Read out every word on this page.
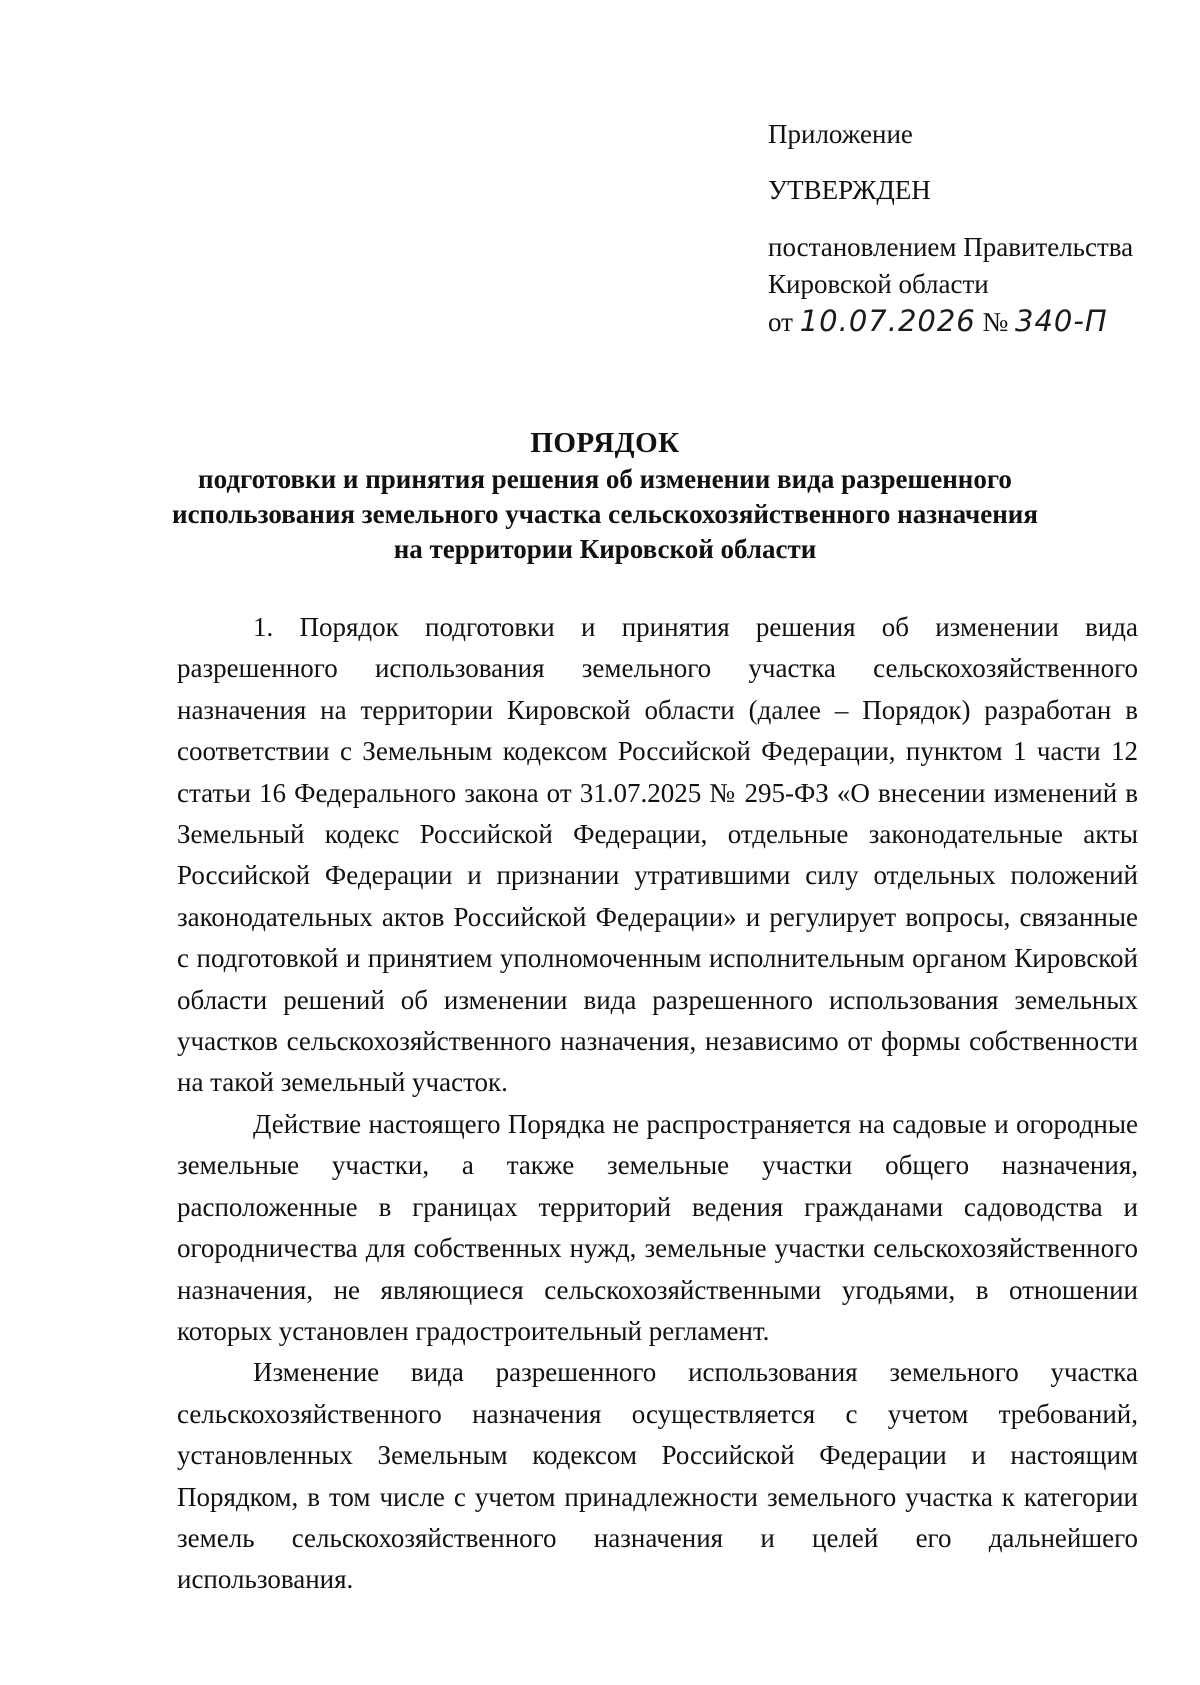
Приложение
УТВЕРЖДЕН
постановлением Правительства
Кировской области
от 10.07.2026 № 340-П
ПОРЯДОК
подготовки и принятия решения об изменении вида разрешенного
использования земельного участка сельскохозяйственного назначения
на территории Кировской области

1. Порядок подготовки и принятия решения об изменении вида разрешенного использования земельного участка сельскохозяйственного назначения на территории Кировской области (далее – Порядок) разработан в соответствии с Земельным кодексом Российской Федерации, пунктом 1 части 12 статьи 16 Федерального закона от 31.07.2025 № 295-ФЗ «О внесении изменений в Земельный кодекс Российской Федерации, отдельные законодательные акты Российской Федерации и признании утратившими силу отдельных положений законодательных актов Российской Федерации» и регулирует вопросы, связанные с подготовкой и принятием уполномоченным исполнительным органом Кировской области решений об изменении вида разрешенного использования земельных участков сельскохозяйственного назначения, независимо от формы собственности на такой земельный участок.

Действие настоящего Порядка не распространяется на садовые и огородные земельные участки, а также земельные участки общего назначения, расположенные в границах территорий ведения гражданами садоводства и огородничества для собственных нужд, земельные участки сельскохозяйственного назначения, не являющиеся сельскохозяйственными угодьями, в отношении которых установлен градостроительный регламент.

Изменение вида разрешенного использования земельного участка сельскохозяйственного назначения осуществляется с учетом требований, установленных Земельным кодексом Российской Федерации и настоящим Порядком, в том числе с учетом принадлежности земельного участка к категории земель сельскохозяйственного назначения и целей его дальнейшего использования.
